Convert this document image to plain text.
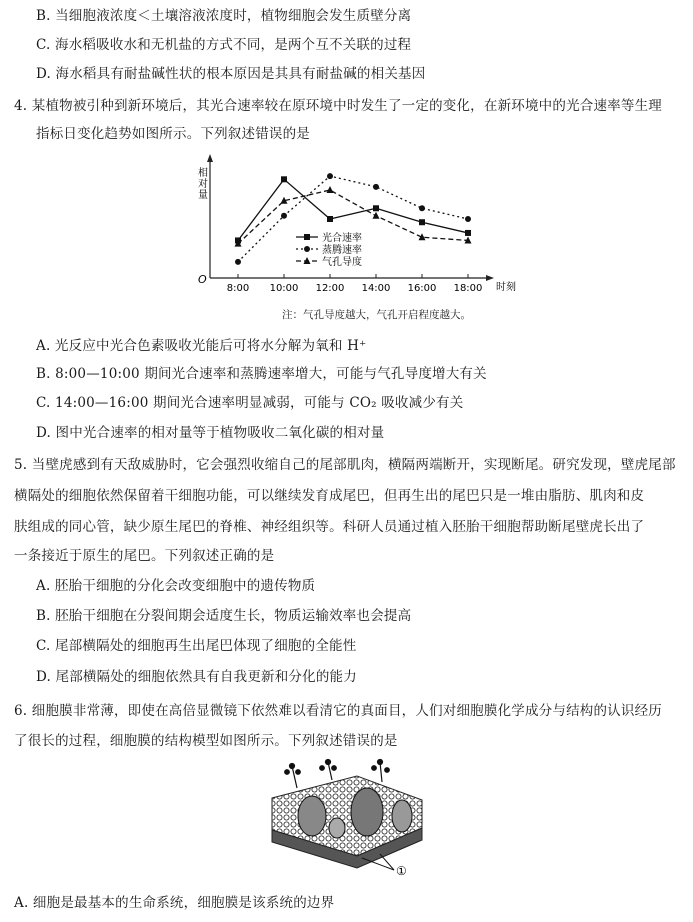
B. 当细胞液浓度＜土壤溶液浓度时，植物细胞会发生质壁分离
C. 海水稻吸收水和无机盐的方式不同，是两个互不关联的过程
D. 海水稻具有耐盐碱性状的根本原因是其具有耐盐碱的相关基因
4. 某植物被引种到新环境后，其光合速率较在原环境中时发生了一定的变化，在新环境中的光合速率等生理
指标日变化趋势如图所示。下列叙述错误的是
相对量
O
时刻
8:00 10:00 12:00 14:00 16:00 18:00
光合速率
蒸腾速率
气孔导度
注：气孔导度越大，气孔开启程度越大。
A. 光反应中光合色素吸收光能后可将水分解为氧和 H⁺
B. 8:00—10:00 期间光合速率和蒸腾速率增大，可能与气孔导度增大有关
C. 14:00—16:00 期间光合速率明显减弱，可能与 CO₂ 吸收减少有关
D. 图中光合速率的相对量等于植物吸收二氧化碳的相对量
5. 当壁虎感到有天敌威胁时，它会强烈收缩自己的尾部肌肉，横隔两端断开，实现断尾。研究发现，壁虎尾部
横隔处的细胞依然保留着干细胞功能，可以继续发育成尾巴，但再生出的尾巴只是一堆由脂肪、肌肉和皮
肤组成的同心管，缺少原生尾巴的脊椎、神经组织等。科研人员通过植入胚胎干细胞帮助断尾壁虎长出了
一条接近于原生的尾巴。下列叙述正确的是
A. 胚胎干细胞的分化会改变细胞中的遗传物质
B. 胚胎干细胞在分裂间期会适度生长，物质运输效率也会提高
C. 尾部横隔处的细胞再生出尾巴体现了细胞的全能性
D. 尾部横隔处的细胞依然具有自我更新和分化的能力
6. 细胞膜非常薄，即使在高倍显微镜下依然难以看清它的真面目，人们对细胞膜化学成分与结构的认识经历
了很长的过程，细胞膜的结构模型如图所示。下列叙述错误的是
①
A. 细胞是最基本的生命系统，细胞膜是该系统的边界
